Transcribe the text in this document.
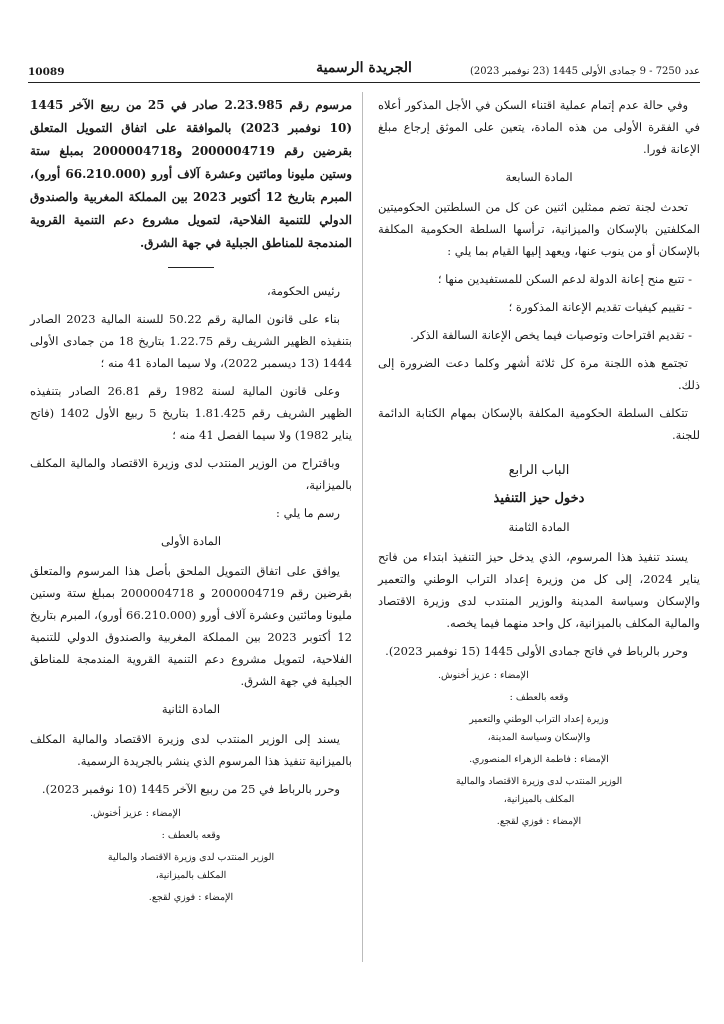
عدد 7250 - 9 جمادى الأولى 1445 (23 نوفمبر 2023)
الجريدة الرسمية
10089

وفي حالة عدم إتمام عملية اقتناء السكن في الأجل المذكور أعلاه في الفقرة الأولى من هذه المادة، يتعين على الموثق إرجاع مبلغ الإعانة فورا.

المادة السابعة

تحدث لجنة تضم ممثلين اثنين عن كل من السلطتين الحكوميتين المكلفتين بالإسكان والميزانية، ترأسها السلطة الحكومية المكلفة بالإسكان أو من ينوب عنها، ويعهد إليها القيام بما يلي :

- تتبع منح إعانة الدولة لدعم السكن للمستفيدين منها ؛

- تقييم كيفيات تقديم الإعانة المذكورة ؛

- تقديم اقتراحات وتوصيات فيما يخص الإعانة السالفة الذكر.

تجتمع هذه اللجنة مرة كل ثلاثة أشهر وكلما دعت الضرورة إلى ذلك.

تتكلف السلطة الحكومية المكلفة بالإسكان بمهام الكتابة الدائمة للجنة.

الباب الرابع
دخول حيز التنفيذ
المادة الثامنة

يسند تنفيذ هذا المرسوم، الذي يدخل حيز التنفيذ ابتداء من فاتح يناير 2024، إلى كل من وزيرة إعداد التراب الوطني والتعمير والإسكان وسياسة المدينة والوزير المنتدب لدى وزيرة الاقتصاد والمالية المكلف بالميزانية، كل واحد منهما فيما يخصه.

وحرر بالرباط في فاتح جمادى الأولى 1445 (15 نوفمبر 2023).

الإمضاء : عزيز أخنوش.

وقعه بالعطف :

وزيرة إعداد التراب الوطني والتعمير

والإسكان وسياسة المدينة،

الإمضاء : فاطمة الزهراء المنصوري.

الوزير المنتدب لدى وزيرة الاقتصاد والمالية

المكلف بالميزانية،

الإمضاء : فوزي لقجع.

مرسوم رقم 2.23.985 صادر في 25 من ربيع الآخر 1445 (10 نوفمبر 2023) بالموافقة على اتفاق التمويل المتعلق بقرضين رقم 2000004719 و2000004718 بمبلغ ستة وستين مليونا ومائتين وعشرة آلاف أورو (66.210.000 أورو)، المبرم بتاريخ 12 أكتوبر 2023 بين المملكة المغربية والصندوق الدولي للتنمية الفلاحية، لتمويل مشروع دعم التنمية القروية المندمجة للمناطق الجبلية في جهة الشرق.

رئيس الحكومة،

بناء على قانون المالية رقم 50.22 للسنة المالية 2023 الصادر بتنفيذه الظهير الشريف رقم 1.22.75 بتاريخ 18 من جمادى الأولى 1444 (13 ديسمبر 2022)، ولا سيما المادة 41 منه ؛

وعلى قانون المالية لسنة 1982 رقم 26.81 الصادر بتنفيذه الظهير الشريف رقم 1.81.425 بتاريخ 5 ربيع الأول 1402 (فاتح يناير 1982) ولا سيما الفصل 41 منه ؛

وباقتراح من الوزير المنتدب لدى وزيرة الاقتصاد والمالية المكلف بالميزانية،

رسم ما يلي :

المادة الأولى

يوافق على اتفاق التمويل الملحق بأصل هذا المرسوم والمتعلق بقرضين رقم 2000004719 و 2000004718 بمبلغ ستة وستين مليونا ومائتين وعشرة آلاف أورو (66.210.000 أورو)، المبرم بتاريخ 12 أكتوبر 2023 بين المملكة المغربية والصندوق الدولي للتنمية الفلاحية، لتمويل مشروع دعم التنمية القروية المندمجة للمناطق الجبلية في جهة الشرق.

المادة الثانية

يسند إلى الوزير المنتدب لدى وزيرة الاقتصاد والمالية المكلف بالميزانية تنفيذ هذا المرسوم الذي ينشر بالجريدة الرسمية.

وحرر بالرباط في 25 من ربيع الآخر 1445 (10 نوفمبر 2023).

الإمضاء : عزيز أخنوش.

وقعه بالعطف :

الوزير المنتدب لدى وزيرة الاقتصاد والمالية

المكلف بالميزانية،

الإمضاء : فوزي لقجع.
